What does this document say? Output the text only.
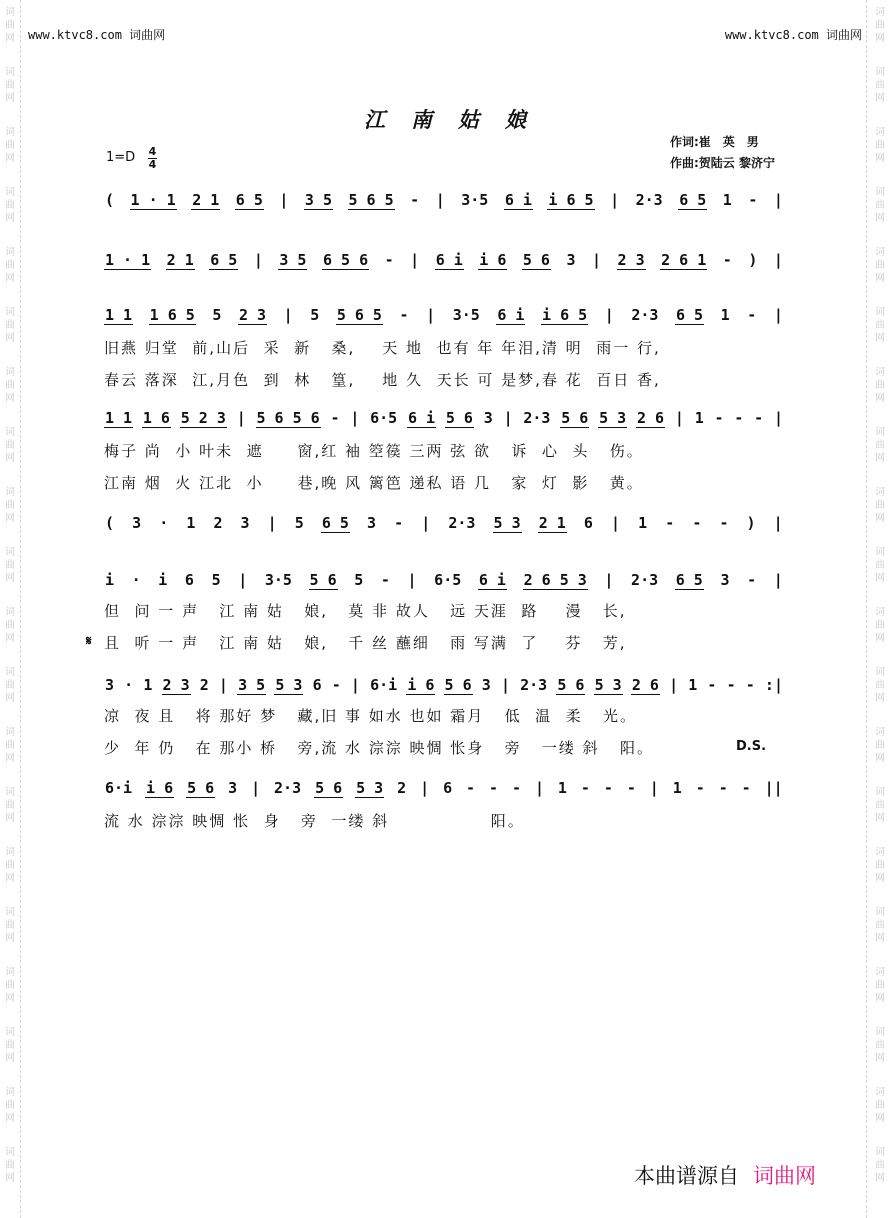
词
曲
网
词
曲
网
词
曲
网
词
曲
网
词
曲
网
词
曲
网
词
曲
网
词
曲
网
词
曲
网
词
曲
网
词
曲
网
词
曲
网
词
曲
网
词
曲
网
词
曲
网
词
曲
网
词
曲
网
词
曲
网
词
曲
网
词
曲
网
词
曲
网
词
曲
网
词
曲
网
词
曲
网
词
曲
网
词
曲
网
词
曲
网
词
曲
网
词
曲
网
词
曲
网
词
曲
网
词
曲
网
词
曲
网
词
曲
网
词
曲
网
词
曲
网
词
曲
网
词
曲
网
词
曲
网
词
曲
网
www.ktvc8.com 词曲网	www.ktvc8.com 词曲网
江南姑娘
作词:崔　英　男
作曲:贺陆云 黎济宁
1=D 4
4
( 1 · 1 2 1 6 5 | 3 5 5 6 5 - | 3·5 6 i i 6 5 | 2·3 6 5 1 - |
1 · 1 2 1 6 5 | 3 5 6 5 6 - | 6 i i 6 5 6 3 | 2 3 2 6 1 - ) |
1 1 1 6 5 5 2 3 | 5 5 6 5 - | 3·5 6 i i 6 5 | 2·3 6 5 1 - |
旧燕 归堂  前,山后  采  新   桑,    天 地  也有 年 年泪,清 明  雨一 行,
春云 落深  江,月色  到  林   篁,    地 久  天长 可 是梦,春 花  百日 香,
1 1 1 6 5 2 3 | 5 6 5 6 - | 6·5 6 i 5 6 3 | 2·3 5 6 5 3 2 6 | 1 - - - |
梅子 尚  小 叶未  遮     窗,红 袖 箜篌 三两 弦 欲   诉  心  头   伤。
江南 烟  火 江北  小     巷,晚 风 篱笆 递私 语 几   家  灯  影   黄。
( 3 · 1 2 3 | 5 6 5 3 - | 2·3 5 3 2 1 6 | 1 - - - ) |
i · i 6 5 | 3·5 5 6 5 - | 6·5 6 i 2 6 5 3 | 2·3 6 5 3 - |
但  问 一 声   江 南 姑   娘,   莫 非 故人   远 天涯  路    漫   长,
且  听 一 声   江 南 姑   娘,   千 丝 蘸细   雨 写满  了    芬   芳,
𝄋
3 · 1 2 3 2 | 3 5 5 3 6 - | 6·i i 6 5 6 3 | 2·3 5 6 5 3 2 6 | 1 - - - :|
凉  夜 且   将 那好 梦   藏,旧 事 如水 也如 霜月   低  温  柔   光。
少  年 仍   在 那小 桥   旁,流 水 淙淙 映惆 怅身   旁   一缕 斜   阳。	D.S.
6·i i 6 5 6 3 | 2·3 5 6 5 3 2 | 6 - - - | 1 - - - | 1 - - - ||
流 水 淙淙 映惆 怅  身   旁  一缕 斜               阳。
本曲谱源自 词曲网
